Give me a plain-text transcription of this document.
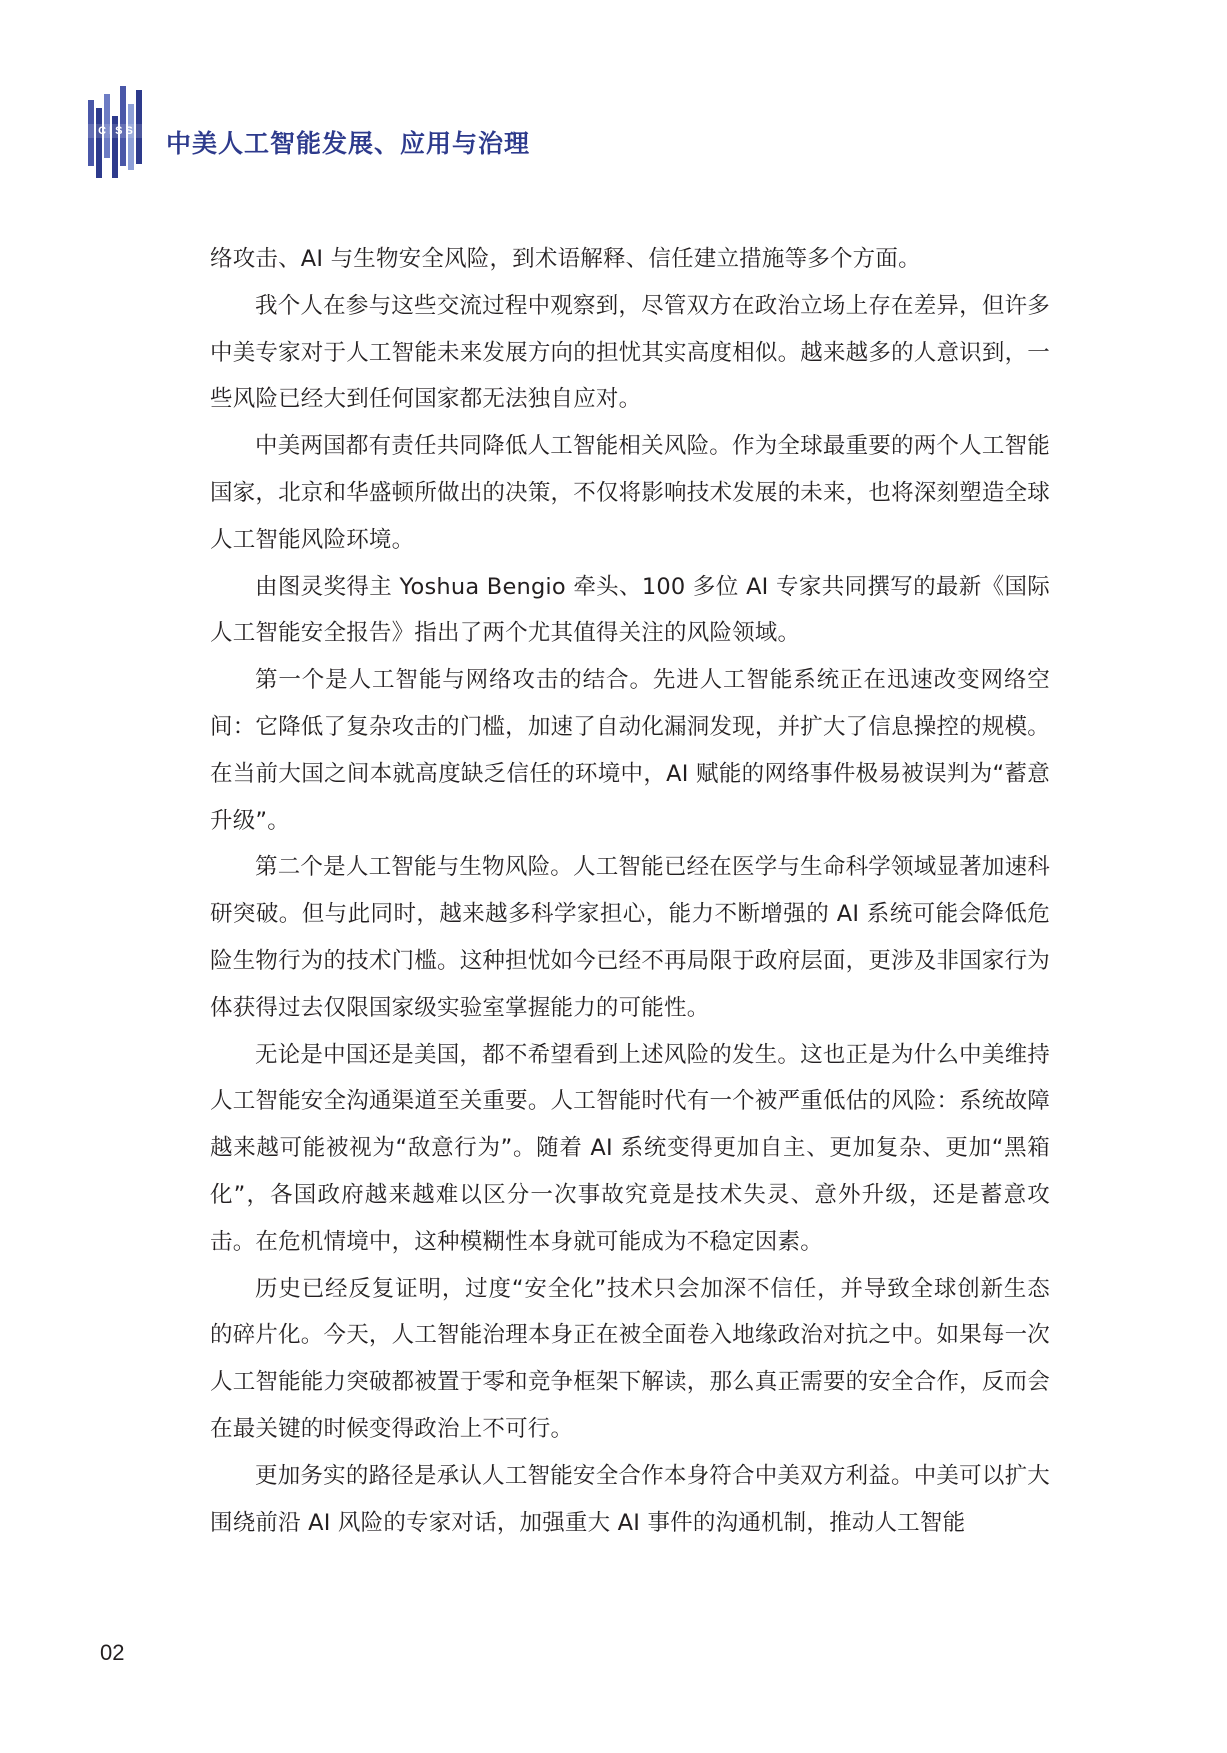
CISS 中美人工智能发展、应用与治理

络攻击、AI 与生物安全风险，到术语解释、信任建立措施等多个方面。

我个人在参与这些交流过程中观察到，尽管双方在政治立场上存在差异，但许多中美专家对于人工智能未来发展方向的担忧其实高度相似。越来越多的人意识到，一些风险已经大到任何国家都无法独自应对。

中美两国都有责任共同降低人工智能相关风险。作为全球最重要的两个人工智能国家，北京和华盛顿所做出的决策，不仅将影响技术发展的未来，也将深刻塑造全球人工智能风险环境。

由图灵奖得主 Yoshua Bengio 牵头、100 多位 AI 专家共同撰写的最新《国际人工智能安全报告》指出了两个尤其值得关注的风险领域。

第一个是人工智能与网络攻击的结合。先进人工智能系统正在迅速改变网络空间：它降低了复杂攻击的门槛，加速了自动化漏洞发现，并扩大了信息操控的规模。在当前大国之间本就高度缺乏信任的环境中，AI 赋能的网络事件极易被误判为“蓄意升级”。

第二个是人工智能与生物风险。人工智能已经在医学与生命科学领域显著加速科研突破。但与此同时，越来越多科学家担心，能力不断增强的 AI 系统可能会降低危险生物行为的技术门槛。这种担忧如今已经不再局限于政府层面，更涉及非国家行为体获得过去仅限国家级实验室掌握能力的可能性。

无论是中国还是美国，都不希望看到上述风险的发生。这也正是为什么中美维持人工智能安全沟通渠道至关重要。人工智能时代有一个被严重低估的风险：系统故障越来越可能被视为“敌意行为”。随着 AI 系统变得更加自主、更加复杂、更加“黑箱化”，各国政府越来越难以区分一次事故究竟是技术失灵、意外升级，还是蓄意攻击。在危机情境中，这种模糊性本身就可能成为不稳定因素。

历史已经反复证明，过度“安全化”技术只会加深不信任，并导致全球创新生态的碎片化。今天，人工智能治理本身正在被全面卷入地缘政治对抗之中。如果每一次人工智能能力突破都被置于零和竞争框架下解读，那么真正需要的安全合作，反而会在最关键的时候变得政治上不可行。

更加务实的路径是承认人工智能安全合作本身符合中美双方利益。中美可以扩大围绕前沿 AI 风险的专家对话，加强重大 AI 事件的沟通机制，推动人工智能

02
